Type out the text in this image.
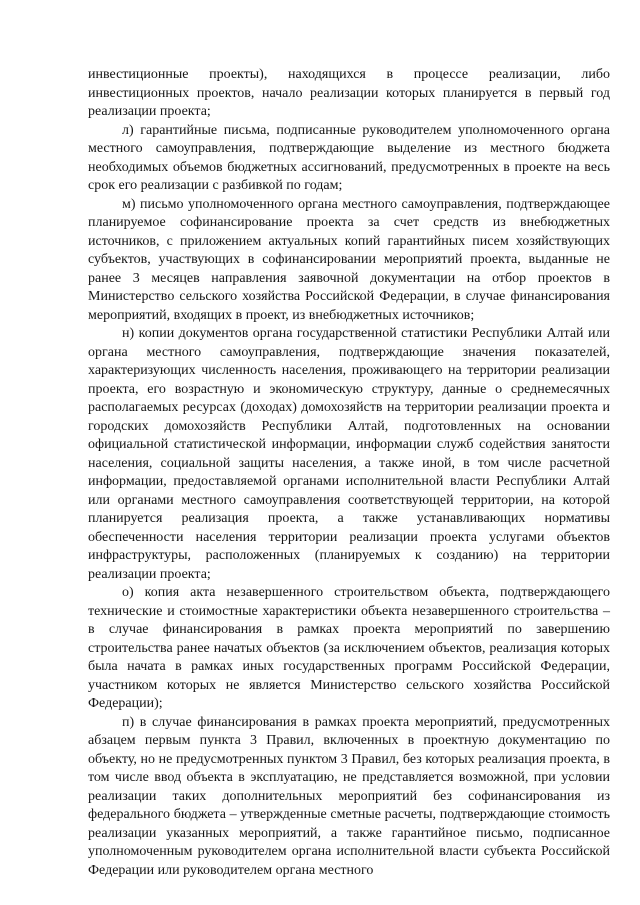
инвестиционные проекты), находящихся в процессе реализации, либо инвестиционных проектов, начало реализации которых планируется в первый год реализации проекта;

л) гарантийные письма, подписанные руководителем уполномоченного органа местного самоуправления, подтверждающие выделение из местного бюджета необходимых объемов бюджетных ассигнований, предусмотренных в проекте на весь срок его реализации с разбивкой по годам;

м) письмо уполномоченного органа местного самоуправления, подтверждающее планируемое софинансирование проекта за счет средств из внебюджетных источников, с приложением актуальных копий гарантийных писем хозяйствующих субъектов, участвующих в софинансировании мероприятий проекта, выданные не ранее 3 месяцев направления заявочной документации на отбор проектов в Министерство сельского хозяйства Российской Федерации, в случае финансирования мероприятий, входящих в проект, из внебюджетных источников;

н) копии документов органа государственной статистики Республики Алтай или органа местного самоуправления, подтверждающие значения показателей, характеризующих численность населения, проживающего на территории реализации проекта, его возрастную и экономическую структуру, данные о среднемесячных располагаемых ресурсах (доходах) домохозяйств на территории реализации проекта и городских домохозяйств Республики Алтай, подготовленных на основании официальной статистической информации, информации служб содействия занятости населения, социальной защиты населения, а также иной, в том числе расчетной информации, предоставляемой органами исполнительной власти Республики Алтай или органами местного самоуправления соответствующей территории, на которой планируется реализация проекта, а также устанавливающих нормативы обеспеченности населения территории реализации проекта услугами объектов инфраструктуры, расположенных (планируемых к созданию) на территории реализации проекта;

о) копия акта незавершенного строительством объекта, подтверждающего технические и стоимостные характеристики объекта незавершенного строительства – в случае финансирования в рамках проекта мероприятий по завершению строительства ранее начатых объектов (за исключением объектов, реализация которых была начата в рамках иных государственных программ Российской Федерации, участником которых не является Министерство сельского хозяйства Российской Федерации);

п) в случае финансирования в рамках проекта мероприятий, предусмотренных абзацем первым пункта 3 Правил, включенных в проектную документацию по объекту, но не предусмотренных пунктом 3 Правил, без которых реализация проекта, в том числе ввод объекта в эксплуатацию, не представляется возможной, при условии реализации таких дополнительных мероприятий без софинансирования из федерального бюджета – утвержденные сметные расчеты, подтверждающие стоимость реализации указанных мероприятий, а также гарантийное письмо, подписанное уполномоченным руководителем органа исполнительной власти субъекта Российской Федерации или руководителем органа местного
